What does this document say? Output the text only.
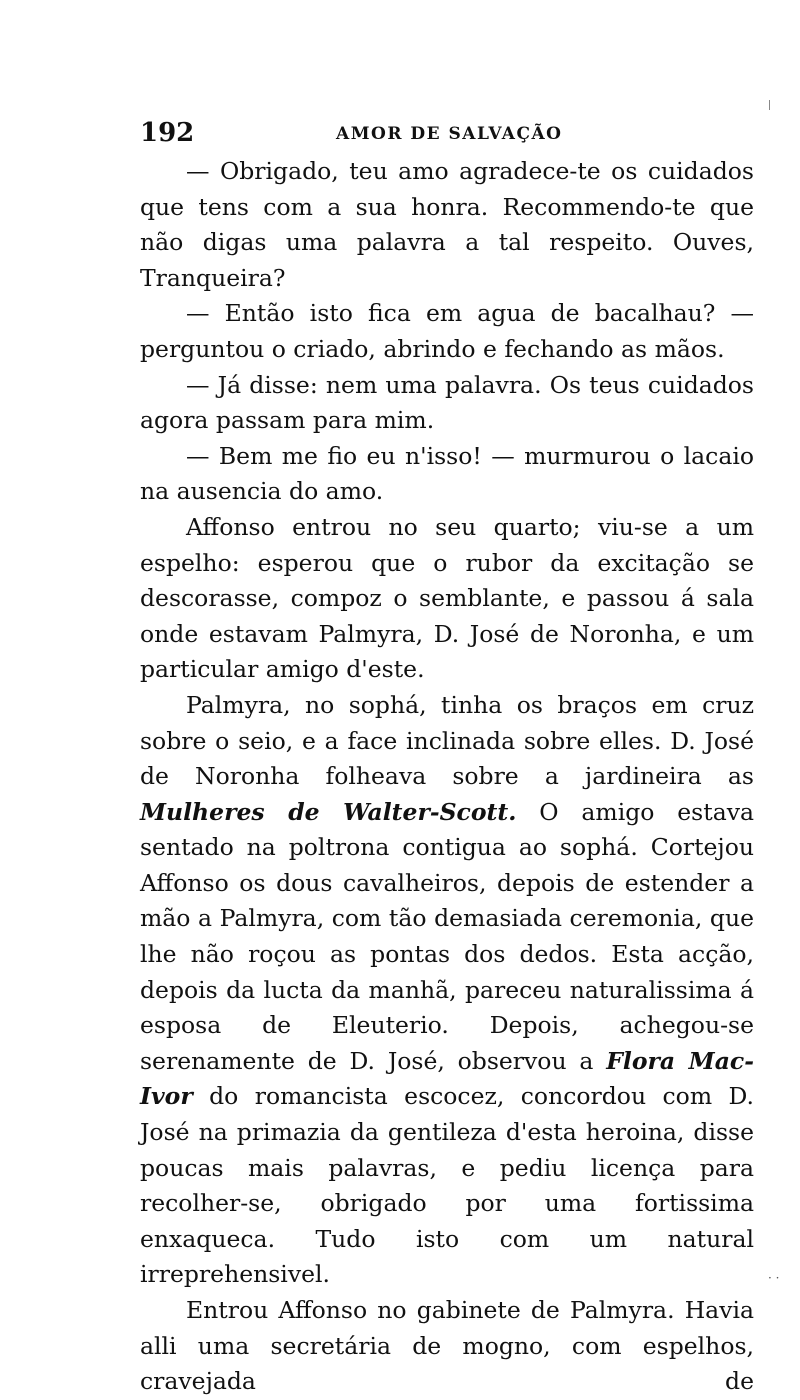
192	AMOR DE SALVAÇÃO

— Obrigado, teu amo agradece-te os cuidados que tens com a sua honra. Recommendo-te que não digas uma palavra a tal respeito. Ouves, Tranqueira?

— Então isto fica em agua de bacalhau? — perguntou o criado, abrindo e fechando as mãos.

— Já disse: nem uma palavra. Os teus cuidados agora passam para mim.

— Bem me fio eu n'isso! — murmurou o lacaio na ausencia do amo.

Affonso entrou no seu quarto; viu-se a um espelho: esperou que o rubor da excitação se descorasse, compoz o semblante, e passou á sala onde estavam Palmyra, D. José de Noronha, e um particular amigo d'este.

Palmyra, no sophá, tinha os braços em cruz sobre o seio, e a face inclinada sobre elles. D. José de Noronha folheava sobre a jardineira as Mulheres de Walter-Scott. O amigo estava sentado na poltrona contigua ao sophá. Cortejou Affonso os dous cavalheiros, depois de estender a mão a Palmyra, com tão demasiada ceremonia, que lhe não roçou as pontas dos dedos. Esta acção, depois da lucta da manhã, pareceu naturalissima á esposa de Eleuterio. Depois, achegou-se serenamente de D. José, observou a Flora Mac-Ivor do romancista escocez, concordou com D. José na primazia da gentileza d'esta heroina, disse poucas mais palavras, e pediu licença para recolher-se, obrigado por uma fortissima enxaqueca. Tudo isto com um natural irreprehensivel.

Entrou Affonso no gabinete de Palmyra. Havia alli uma secretária de mogno, com espelhos, cravejada de

· ·
